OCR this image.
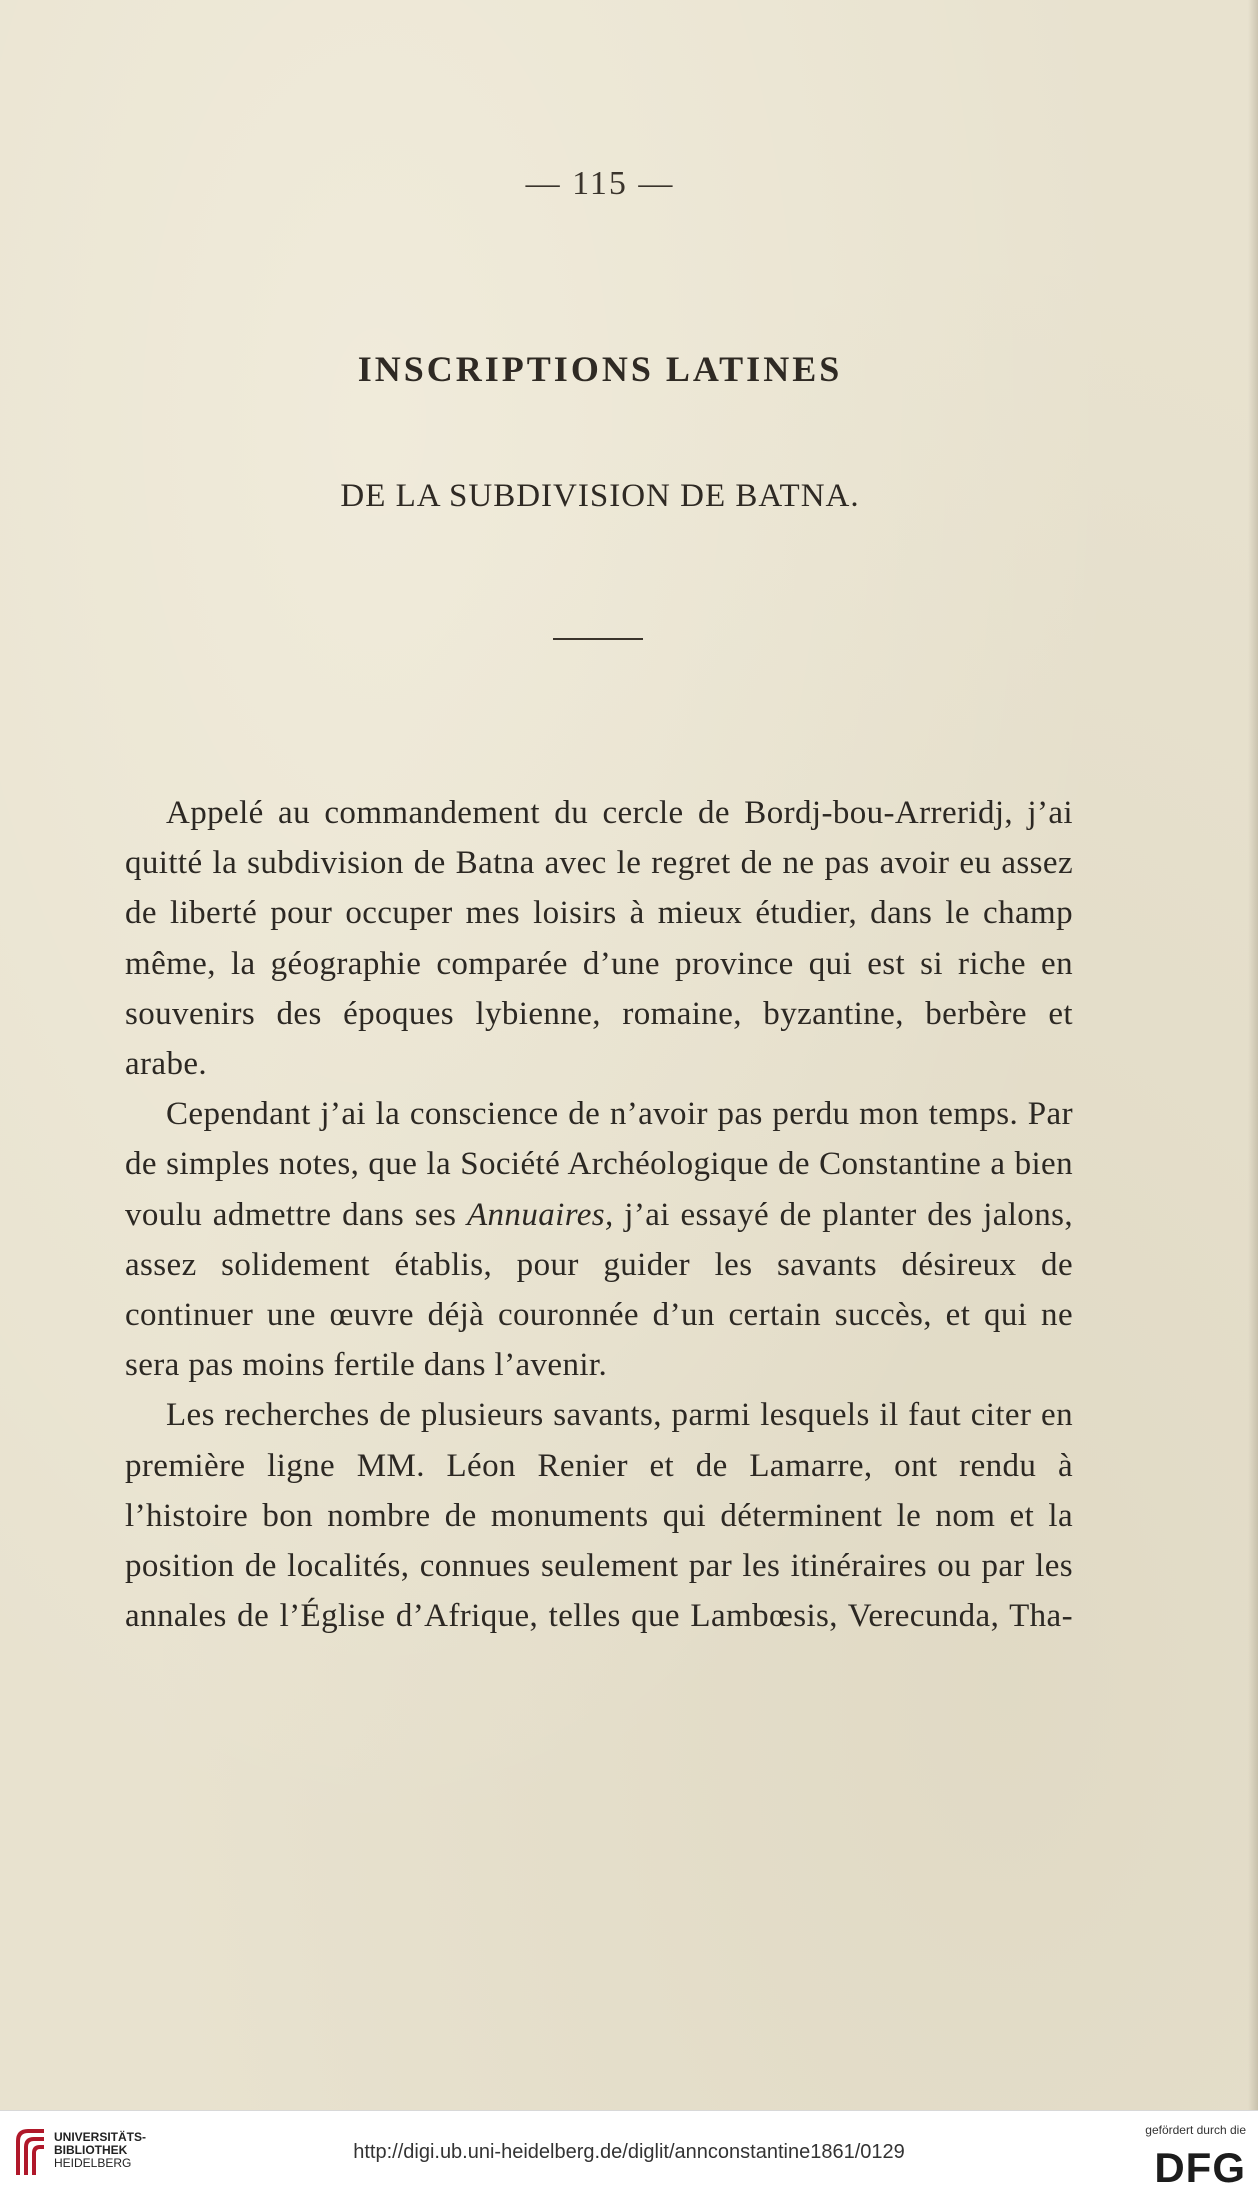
— 115 —
INSCRIPTIONS LATINES
DE LA SUBDIVISION DE BATNA.

Appelé au commandement du cercle de Bordj-bou-Arreridj, j’ai quitté la subdivision de Batna avec le regret de ne pas avoir eu assez de liberté pour occuper mes loisirs à mieux étudier, dans le champ même, la géographie comparée d’une province qui est si riche en souvenirs des époques lybienne, romaine, byzantine, berbère et arabe.

Cependant j’ai la conscience de n’avoir pas perdu mon temps. Par de simples notes, que la Société Archéologique de Constantine a bien voulu admettre dans ses Annuaires, j’ai essayé de planter des jalons, assez solidement établis, pour guider les savants désireux de continuer une œuvre déjà couronnée d’un certain succès, et qui ne sera pas moins fertile dans l’avenir.

Les recherches de plusieurs savants, parmi lesquels il faut citer en première ligne MM. Léon Renier et de Lamarre, ont rendu à l’histoire bon nombre de monuments qui déterminent le nom et la position de localités, connues seulement par les itinéraires ou par les annales de l’Église d’Afrique, telles que Lambœsis, Verecunda, Tha-

UNIVERSITÄTS-
BIBLIOTHEK
HEIDELBERG	http://digi.ub.uni-heidelberg.de/diglit/annconstantine1861/0129
gefördert durch die
DFG
